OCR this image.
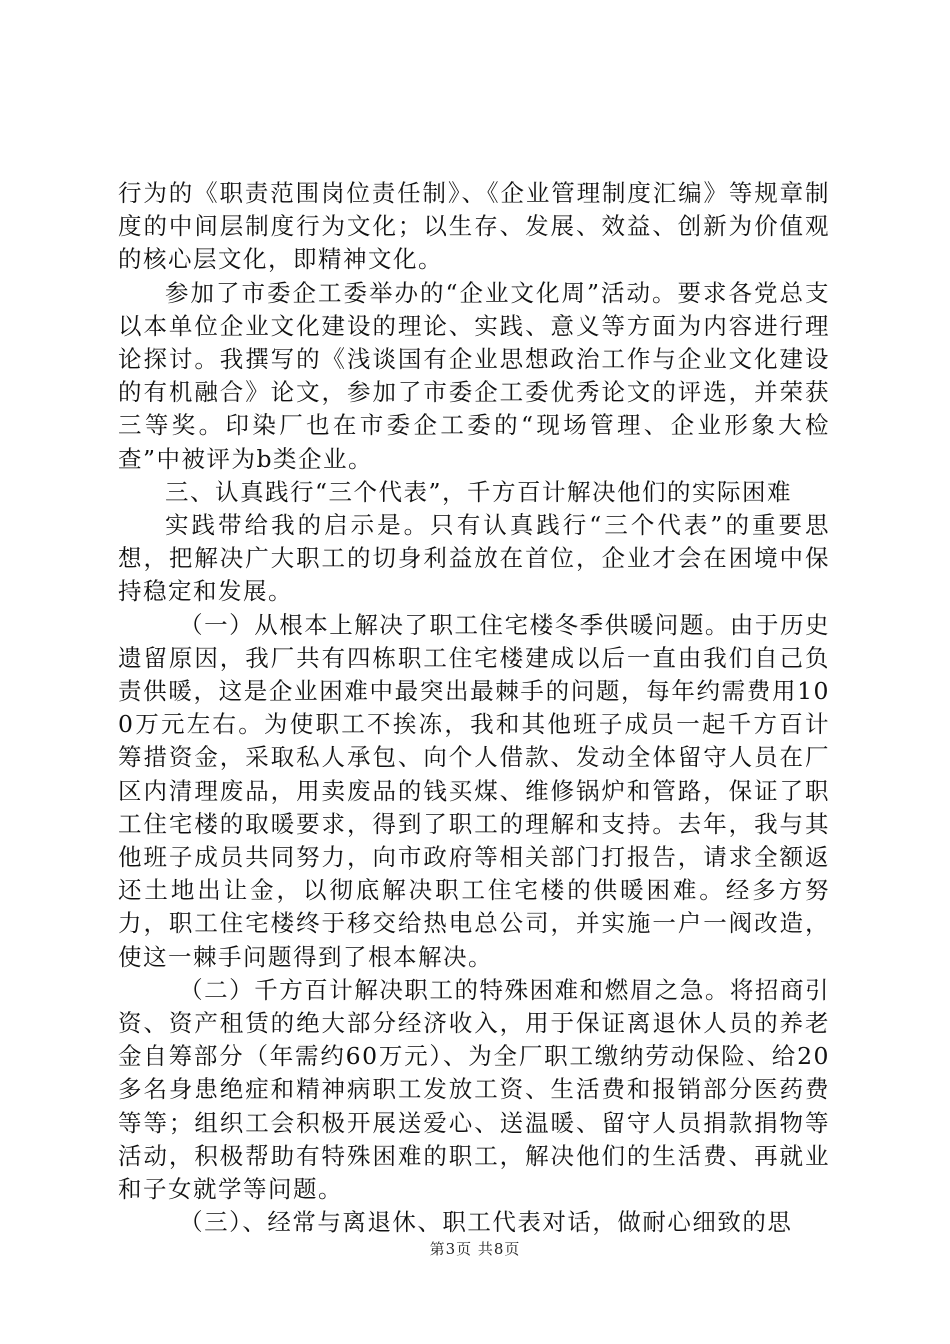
行为的《职责范围岗位责任制》、《企业管理制度汇编》等规章制度的中间层制度行为文化；以生存、发展、效益、创新为价值观的核心层文化，即精神文化。

参加了市委企工委举办的“企业文化周”活动。要求各党总支以本单位企业文化建设的理论、实践、意义等方面为内容进行理论探讨。我撰写的《浅谈国有企业思想政治工作与企业文化建设的有机融合》论文，参加了市委企工委优秀论文的评选，并荣获三等奖。印染厂也在市委企工委的“现场管理、企业形象大检查”中被评为b类企业。

三、认真践行“三个代表”，千方百计解决他们的实际困难

实践带给我的启示是。只有认真践行“三个代表”的重要思想，把解决广大职工的切身利益放在首位，企业才会在困境中保持稳定和发展。

（一）从根本上解决了职工住宅楼冬季供暖问题。由于历史遗留原因，我厂共有四栋职工住宅楼建成以后一直由我们自己负责供暖，这是企业困难中最突出最棘手的问题，每年约需费用100万元左右。为使职工不挨冻，我和其他班子成员一起千方百计筹措资金，采取私人承包、向个人借款、发动全体留守人员在厂区内清理废品，用卖废品的钱买煤、维修锅炉和管路，保证了职工住宅楼的取暖要求，得到了职工的理解和支持。去年，我与其他班子成员共同努力，向市政府等相关部门打报告，请求全额返还土地出让金，以彻底解决职工住宅楼的供暖困难。经多方努力，职工住宅楼终于移交给热电总公司，并实施一户一阀改造，使这一棘手问题得到了根本解决。

（二）千方百计解决职工的特殊困难和燃眉之急。将招商引资、资产租赁的绝大部分经济收入，用于保证离退休人员的养老金自筹部分（年需约60万元）、为全厂职工缴纳劳动保险、给20多名身患绝症和精神病职工发放工资、生活费和报销部分医药费等等；组织工会积极开展送爱心、送温暖、留守人员捐款捐物等活动，积极帮助有特殊困难的职工，解决他们的生活费、再就业和子女就学等问题。

（三）、经常与离退休、职工代表对话，做耐心细致的思

第3页 共8页
